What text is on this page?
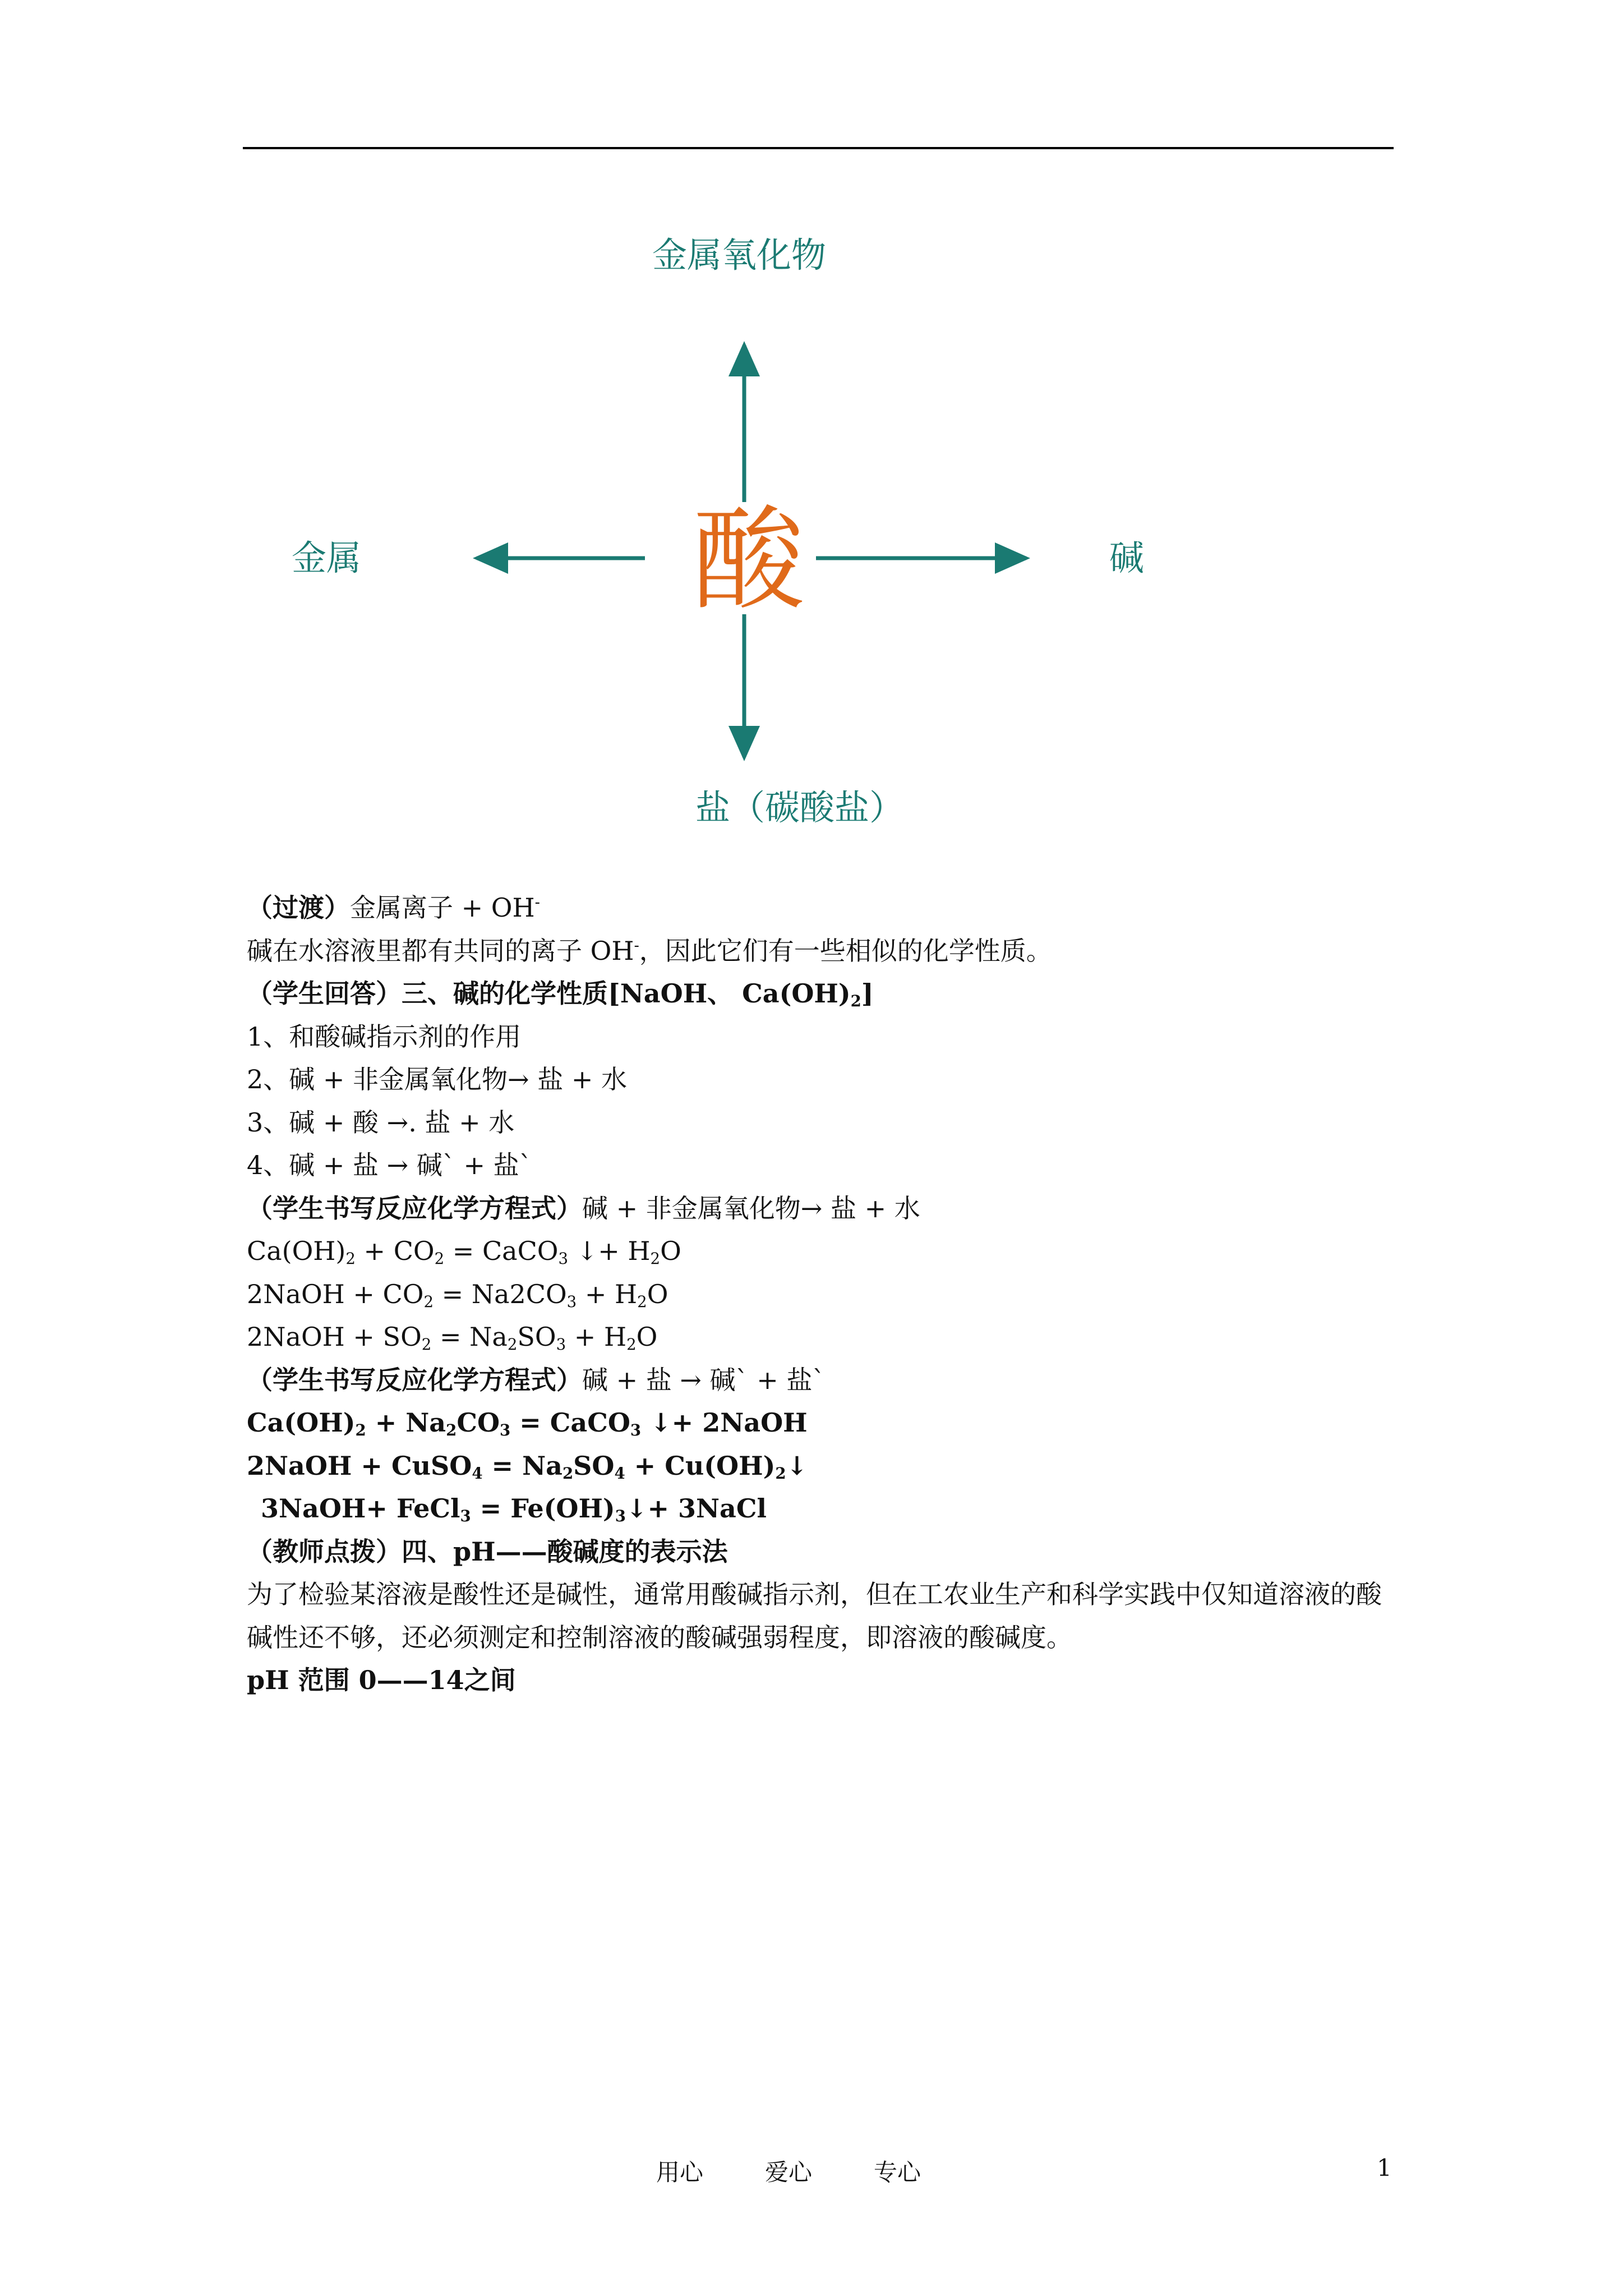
金属氧化物
金属	碱
盐（碳酸盐）
酸
（过渡）金属离子 + OH-
碱在水溶液里都有共同的离子 OH-，因此它们有一些相似的化学性质。
（学生回答）三、碱的化学性质[NaOH、 $Ca(OH)_2$]
1、和酸碱指示剂的作用
2、碱 + 非金属氧化物→ 盐 + 水
3、碱 + 酸 →. 盐 + 水
4、碱 + 盐 → 碱` + 盐`
（学生书写反应化学方程式）碱 + 非金属氧化物→ 盐 + 水
$Ca(OH)_2 + CO_2$ = CaCO$_3$ ↓+ $H_2O$
2NaOH + $CO_2 = Na2CO_3 + H_2O$
2NaOH + $SO_2 = Na_2SO_3 + H_2O$
（学生书写反应化学方程式）碱 + 盐 → 碱` + 盐`
$Ca(OH)_2 + Na_2CO_3$ = CaCO$_3$ ↓+ 2NaOH
2NaOH + CuSO$_4$ = $Na_2SO_4$ + $Cu(OH)_2↓$
3NaOH+ FeCl$_3$ = $Fe(OH)_3↓+$ 3NaCl
（教师点拨）四、pH——酸碱度的表示法
为了检验某溶液是酸性还是碱性，通常用酸碱指示剂，但在工农业生产和科学实践中仅知道溶液的酸碱性还不够，还必须测定和控制溶液的酸碱强弱程度，即溶液的酸碱度。
pH 范围 0——14之间
用心	爱心	专心	1
